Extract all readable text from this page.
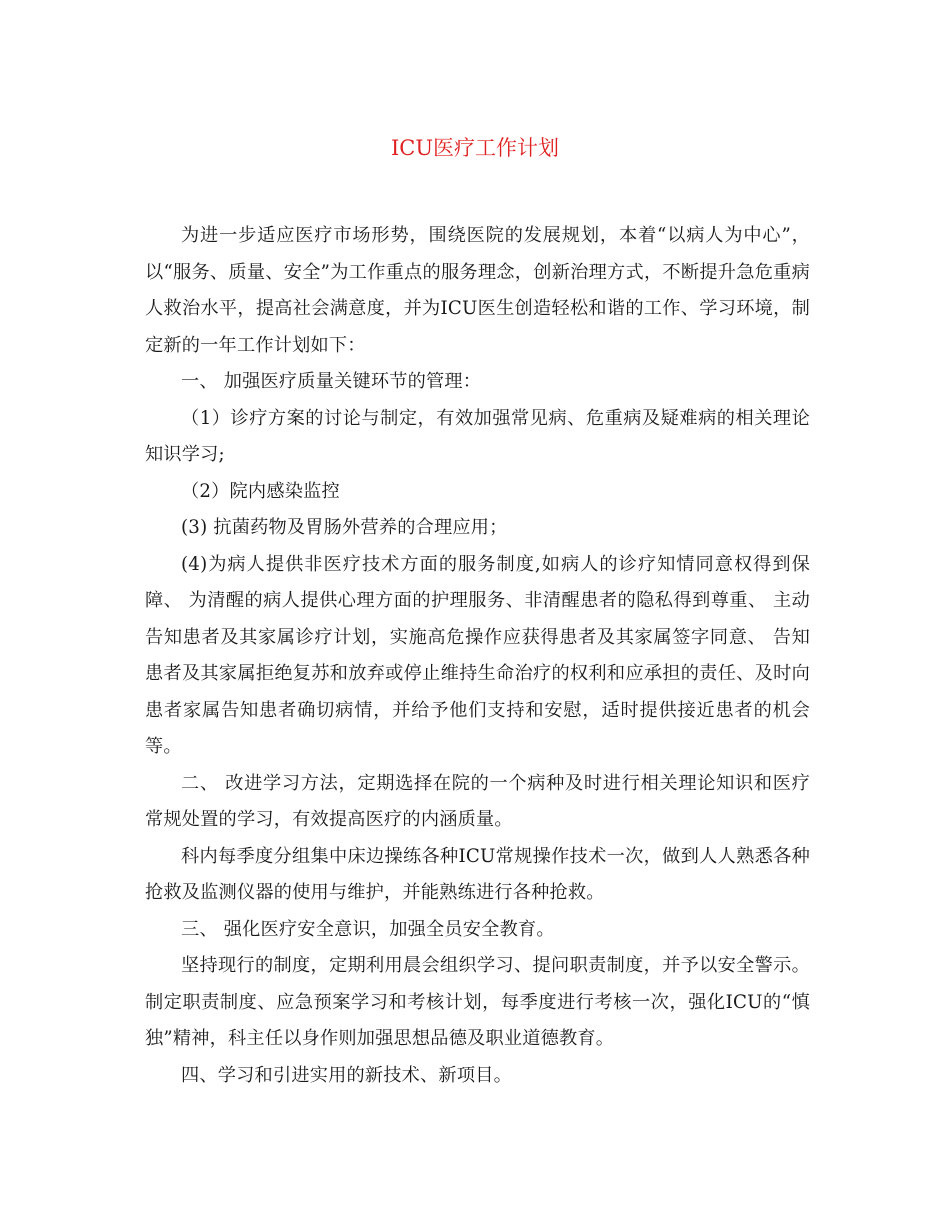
ICU医疗工作计划

为进一步适应医疗市场形势，围绕医院的发展规划，本着“以病人为中心”，以“服务、质量、安全”为工作重点的服务理念，创新治理方式，不断提升急危重病人救治水平，提高社会满意度，并为ICU医生创造轻松和谐的工作、学习环境，制定新的一年工作计划如下：

一、 加强医疗质量关键环节的管理：

（1）诊疗方案的讨论与制定，有效加强常见病、危重病及疑难病的相关理论知识学习;

（2）院内感染监控

(3) 抗菌药物及胃肠外营养的合理应用；

(4)为病人提供非医疗技术方面的服务制度,如病人的诊疗知情同意权得到保障、 为清醒的病人提供心理方面的护理服务、非清醒患者的隐私得到尊重、 主动告知患者及其家属诊疗计划，实施高危操作应获得患者及其家属签字同意、 告知患者及其家属拒绝复苏和放弃或停止维持生命治疗的权利和应承担的责任、及时向患者家属告知患者确切病情，并给予他们支持和安慰，适时提供接近患者的机会等。

二、 改进学习方法，定期选择在院的一个病种及时进行相关理论知识和医疗常规处置的学习，有效提高医疗的内涵质量。

科内每季度分组集中床边操练各种ICU常规操作技术一次，做到人人熟悉各种抢救及监测仪器的使用与维护，并能熟练进行各种抢救。

三、 强化医疗安全意识，加强全员安全教育。

坚持现行的制度，定期利用晨会组织学习、提问职责制度，并予以安全警示。制定职责制度、应急预案学习和考核计划，每季度进行考核一次，强化ICU的“慎独”精神，科主任以身作则加强思想品德及职业道德教育。

四、学习和引进实用的新技术、新项目。
